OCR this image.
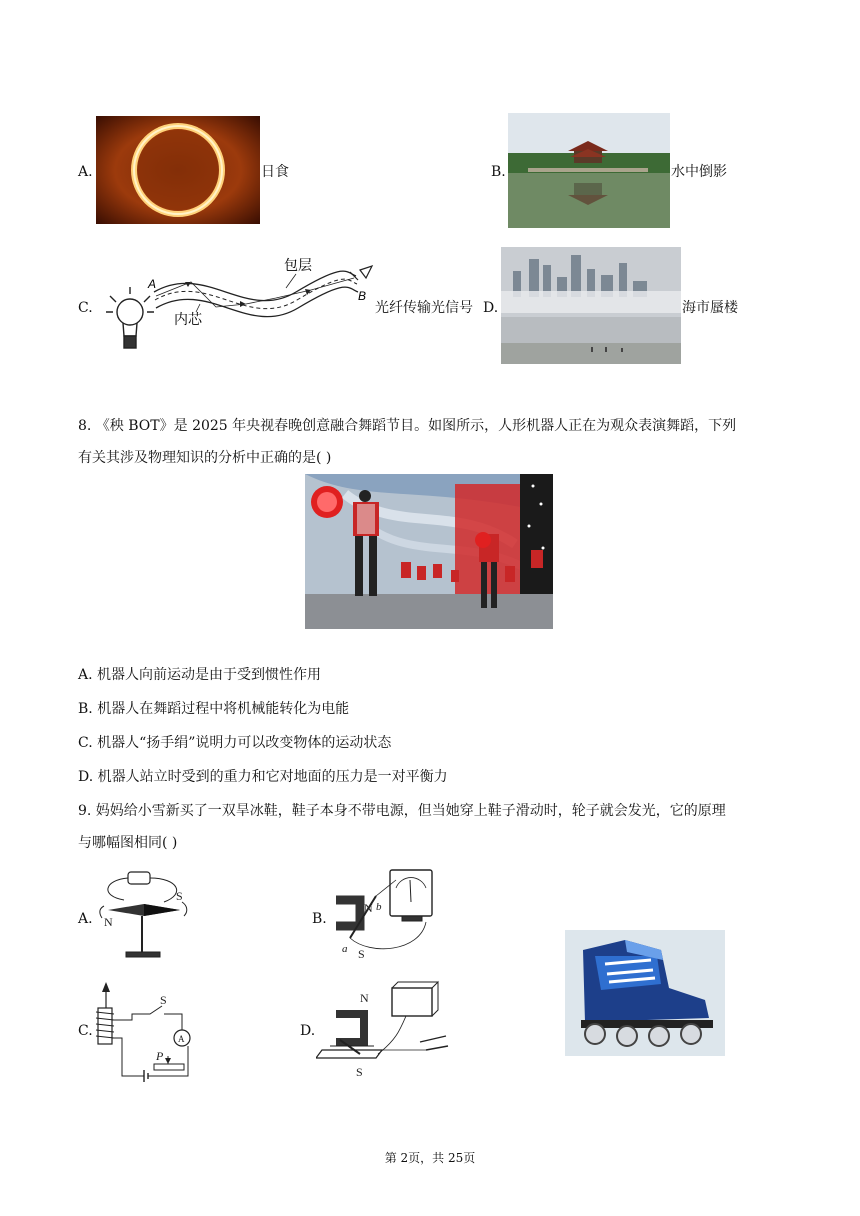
A.	日食	B.	水中倒影
C.
A
B
包层
内芯
光纤传输光信号 D.	海市蜃楼
8. 《秧 BOT》是 2025 年央视春晚创意融合舞蹈节目。如图所示，人形机器人正在为观众表演舞蹈，下列
有关其涉及物理知识的分析中正确的是( )
A. 机器人向前运动是由于受到惯性作用
B. 机器人在舞蹈过程中将机械能转化为电能
C. 机器人“扬手绢”说明力可以改变物体的运动状态
D. 机器人站立时受到的重力和它对地面的压力是一对平衡力
9. 妈妈给小雪新买了一双旱冰鞋，鞋子本身不带电源，但当她穿上鞋子滑动时，轮子就会发光，它的原理
与哪幅图相同( )
A. N
S
B.
N
S
a
b
C.
S
A
P
D.
N
S
第 2页，共 25页
